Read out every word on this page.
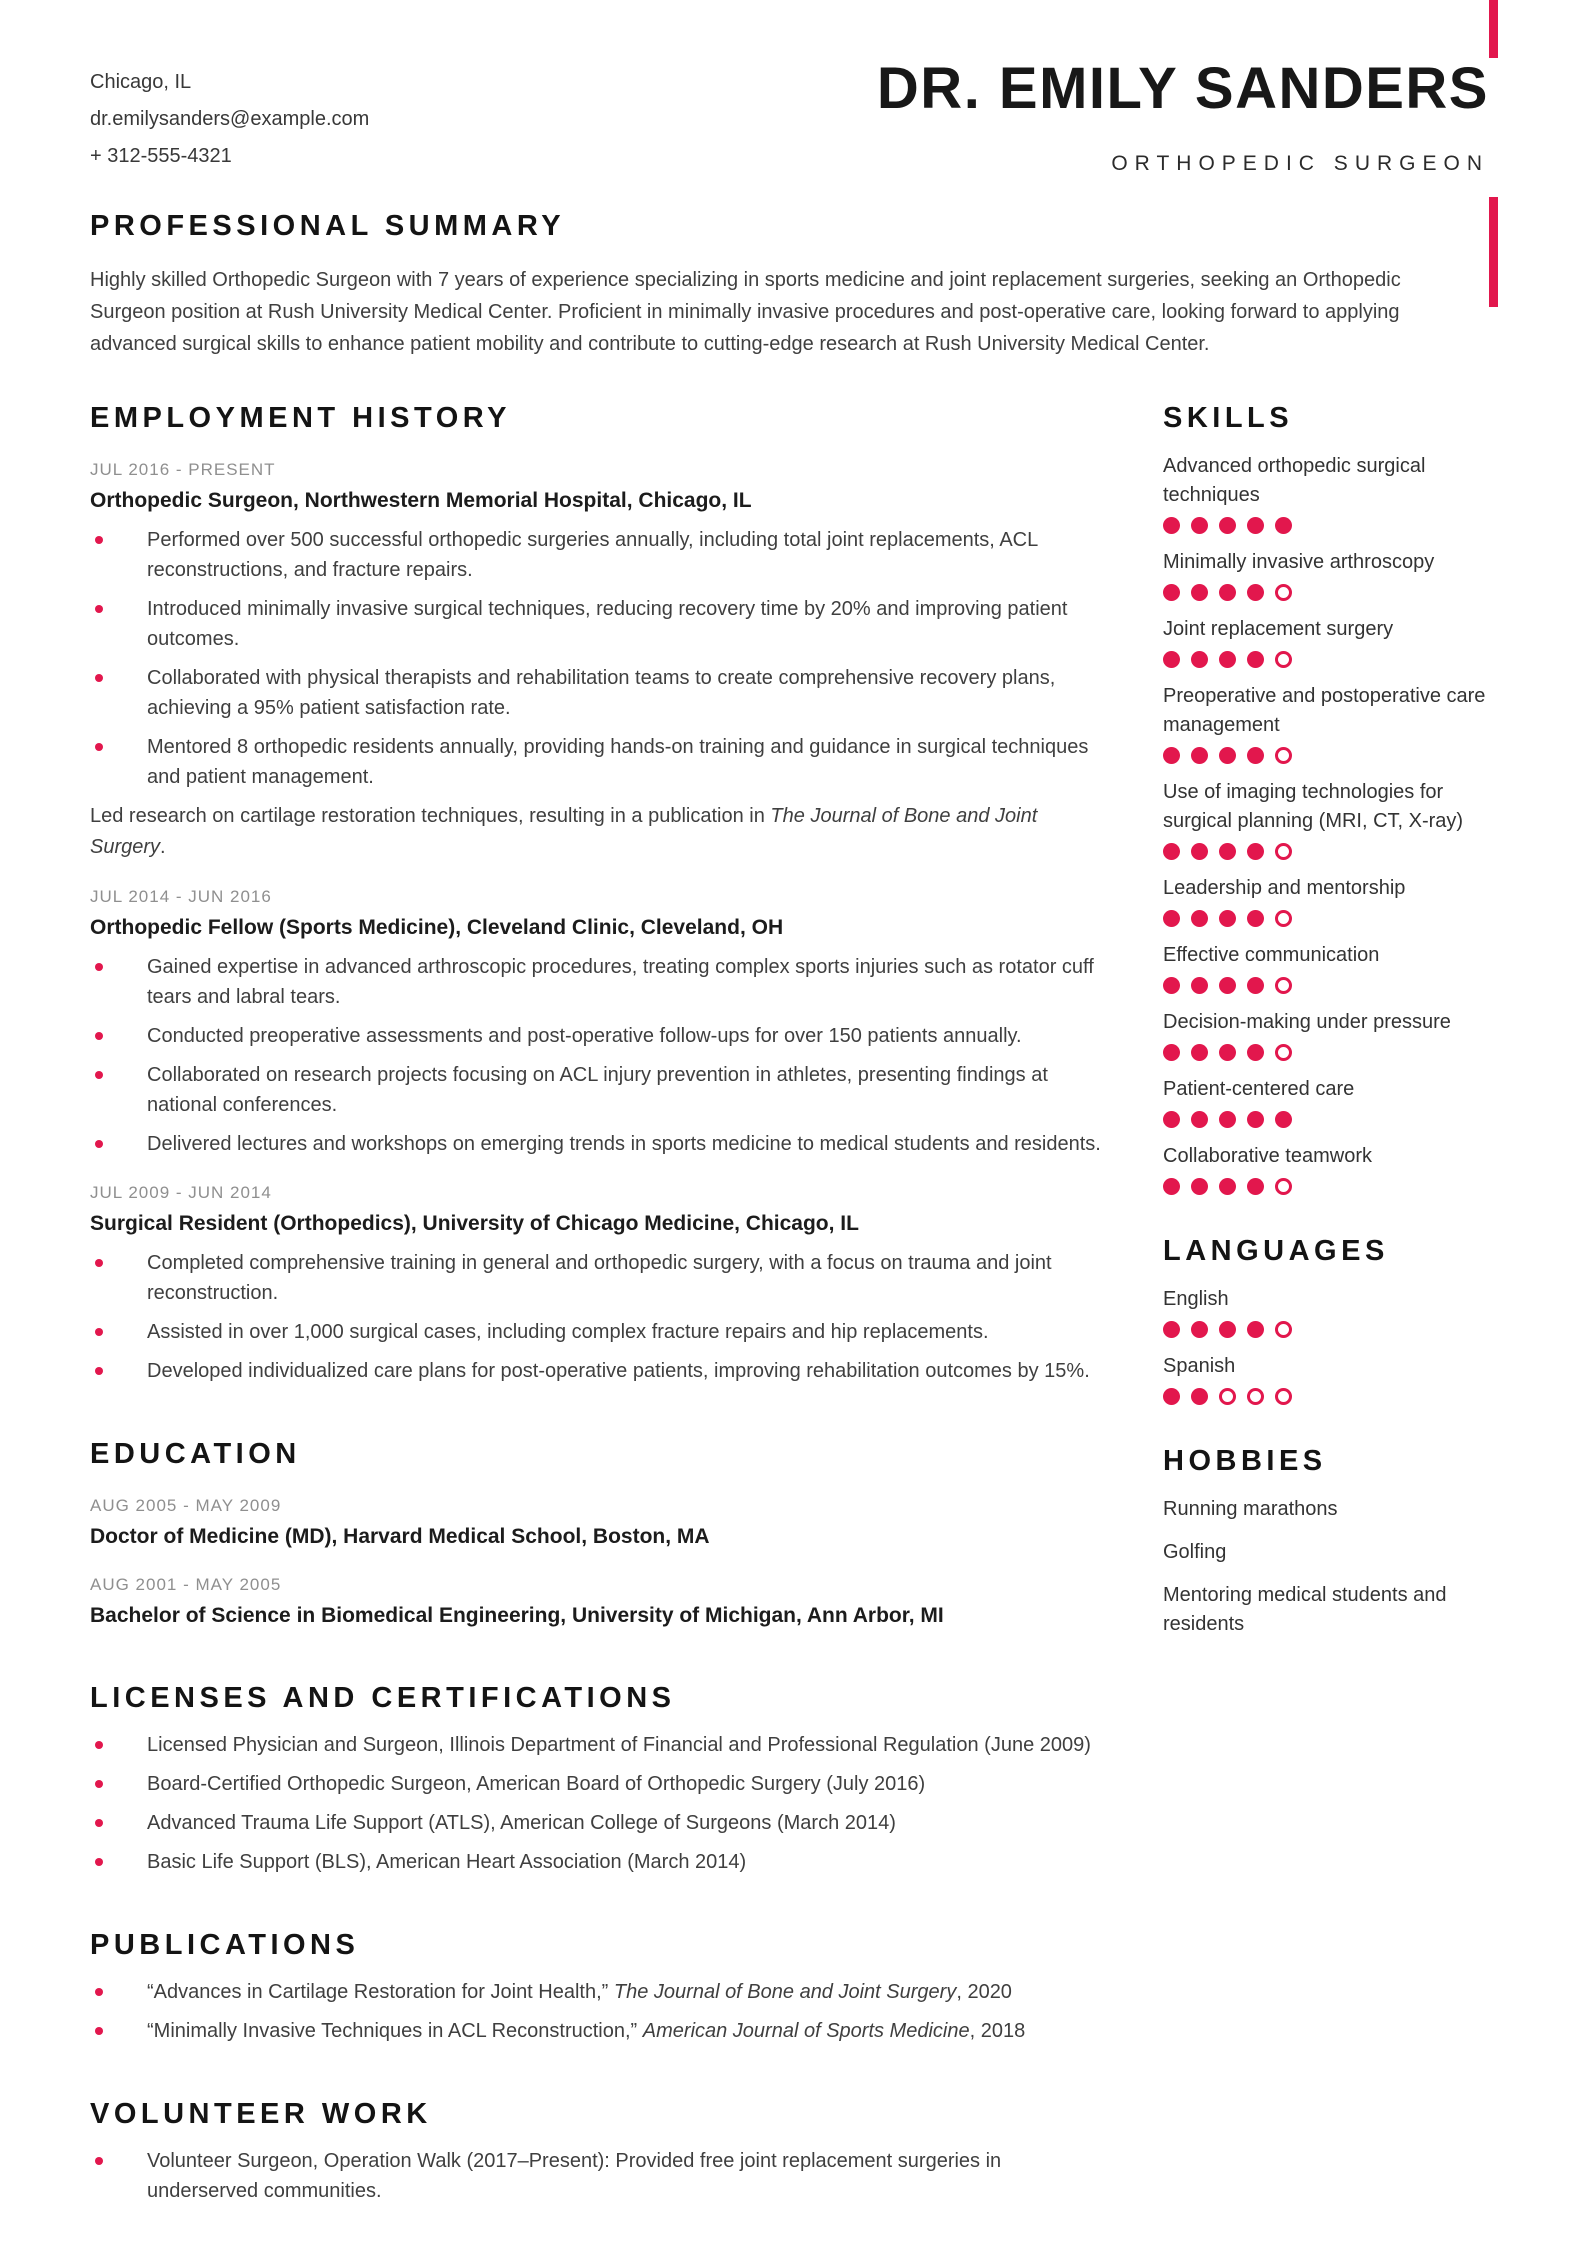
Chicago, IL
dr.emilysanders@example.com
+ 312-555-4321
DR. EMILY SANDERS
ORTHOPEDIC SURGEON
PROFESSIONAL SUMMARY

Highly skilled Orthopedic Surgeon with 7 years of experience specializing in sports medicine and joint replacement surgeries, seeking an Orthopedic Surgeon position at Rush University Medical Center. Proficient in minimally invasive procedures and post-operative care, looking forward to applying advanced surgical skills to enhance patient mobility and contribute to cutting-edge research at Rush University Medical Center.

EMPLOYMENT HISTORY
JUL 2016 - PRESENT
Orthopedic Surgeon, Northwestern Memorial Hospital, Chicago, IL
Performed over 500 successful orthopedic surgeries annually, including total joint replacements, ACL reconstructions, and fracture repairs.
Introduced minimally invasive surgical techniques, reducing recovery time by 20% and improving patient outcomes.
Collaborated with physical therapists and rehabilitation teams to create comprehensive recovery plans, achieving a 95% patient satisfaction rate.
Mentored 8 orthopedic residents annually, providing hands-on training and guidance in surgical techniques and patient management.

Led research on cartilage restoration techniques, resulting in a publication in The Journal of Bone and Joint Surgery.

JUL 2014 - JUN 2016
Orthopedic Fellow (Sports Medicine), Cleveland Clinic, Cleveland, OH
Gained expertise in advanced arthroscopic procedures, treating complex sports injuries such as rotator cuff tears and labral tears.
Conducted preoperative assessments and post-operative follow-ups for over 150 patients annually.
Collaborated on research projects focusing on ACL injury prevention in athletes, presenting findings at national conferences.
Delivered lectures and workshops on emerging trends in sports medicine to medical students and residents.
JUL 2009 - JUN 2014
Surgical Resident (Orthopedics), University of Chicago Medicine, Chicago, IL
Completed comprehensive training in general and orthopedic surgery, with a focus on trauma and joint reconstruction.
Assisted in over 1,000 surgical cases, including complex fracture repairs and hip replacements.
Developed individualized care plans for post-operative patients, improving rehabilitation outcomes by 15%.
EDUCATION
AUG 2005 - MAY 2009
Doctor of Medicine (MD), Harvard Medical School, Boston, MA
AUG 2001 - MAY 2005
Bachelor of Science in Biomedical Engineering, University of Michigan, Ann Arbor, MI
LICENSES AND CERTIFICATIONS
Licensed Physician and Surgeon, Illinois Department of Financial and Professional Regulation (June 2009)
Board-Certified Orthopedic Surgeon, American Board of Orthopedic Surgery (July 2016)
Advanced Trauma Life Support (ATLS), American College of Surgeons (March 2014)
Basic Life Support (BLS), American Heart Association (March 2014)
PUBLICATIONS
“Advances in Cartilage Restoration for Joint Health,” The Journal of Bone and Joint Surgery, 2020
“Minimally Invasive Techniques in ACL Reconstruction,” American Journal of Sports Medicine, 2018
VOLUNTEER WORK
Volunteer Surgeon, Operation Walk (2017–Present): Provided free joint replacement surgeries in underserved communities.
SKILLS
Advanced orthopedic surgical techniques
Minimally invasive arthroscopy
Joint replacement surgery
Preoperative and postoperative care management
Use of imaging technologies for surgical planning (MRI, CT, X-ray)
Leadership and mentorship
Effective communication
Decision-making under pressure
Patient-centered care
Collaborative teamwork
LANGUAGES
English
Spanish
HOBBIES
Running marathons
Golfing
Mentoring medical students and residents
